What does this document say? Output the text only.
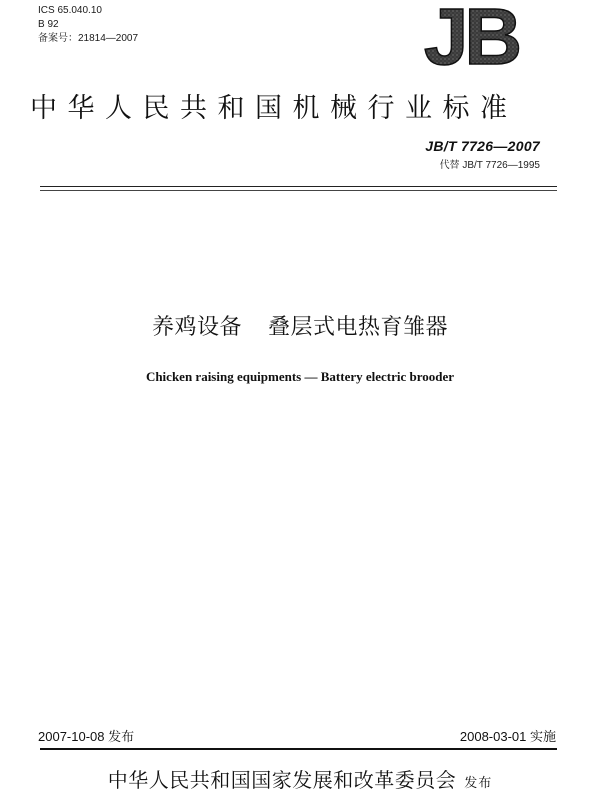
ICS 65.040.10
B 92
备案号：21814—2007	JB
中华人民共和国机械行业标准
JB/T 7726—2007
代替 JB/T 7726—1995
养鸡设备 叠层式电热育雏器
Chicken raising equipments — Battery electric brooder
2007-10-08 发布	2008-03-01 实施
中华人民共和国国家发展和改革委员会 发布
